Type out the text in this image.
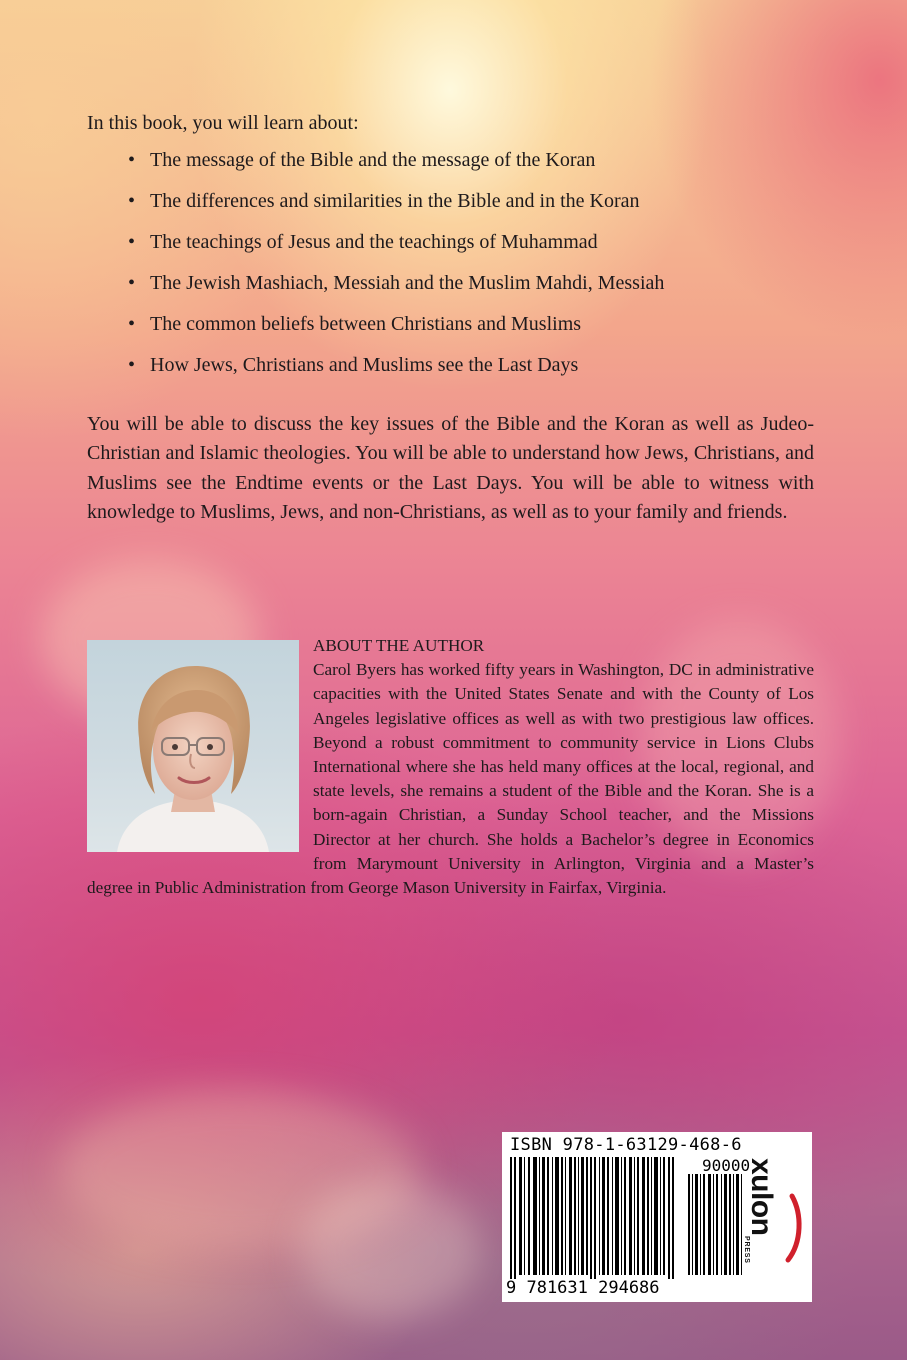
In this book, you will learn about:

• The message of the Bible and the message of the Koran
• The differences and similarities in the Bible and in the Koran
• The teachings of Jesus and the teachings of Muhammad
• The Jewish Mashiach, Messiah and the Muslim Mahdi, Messiah
• The common beliefs between Christians and Muslims
• How Jews, Christians and Muslims see the Last Days

You will be able to discuss the key issues of the Bible and the Koran as well as Judeo-Christian and Islamic theologies. You will be able to understand how Jews, Christians, and Muslims see the Endtime events or the Last Days. You will be able to witness with knowledge to Muslims, Jews, and non-Christians, as well as to your family and friends.

ABOUT THE AUTHOR
Carol Byers has worked fifty years in Washington, DC in administrative capacities with the United States Senate and with the County of Los Angeles legislative offices as well as with two prestigious law offices. Beyond a robust commitment to community service in Lions Clubs International where she has held many offices at the local, regional, and state levels, she remains a student of the Bible and the Koran. She is a born-again Christian, a Sunday School teacher, and the Missions Director at her church. She holds a Bachelor’s degree in Economics from Marymount University in Arlington, Virginia and a Master’s degree in Public Administration from George Mason University in Fairfax, Virginia.
ISBN 978-1-63129-468-6
90000
9 781631 294686
xulon
PRESS
